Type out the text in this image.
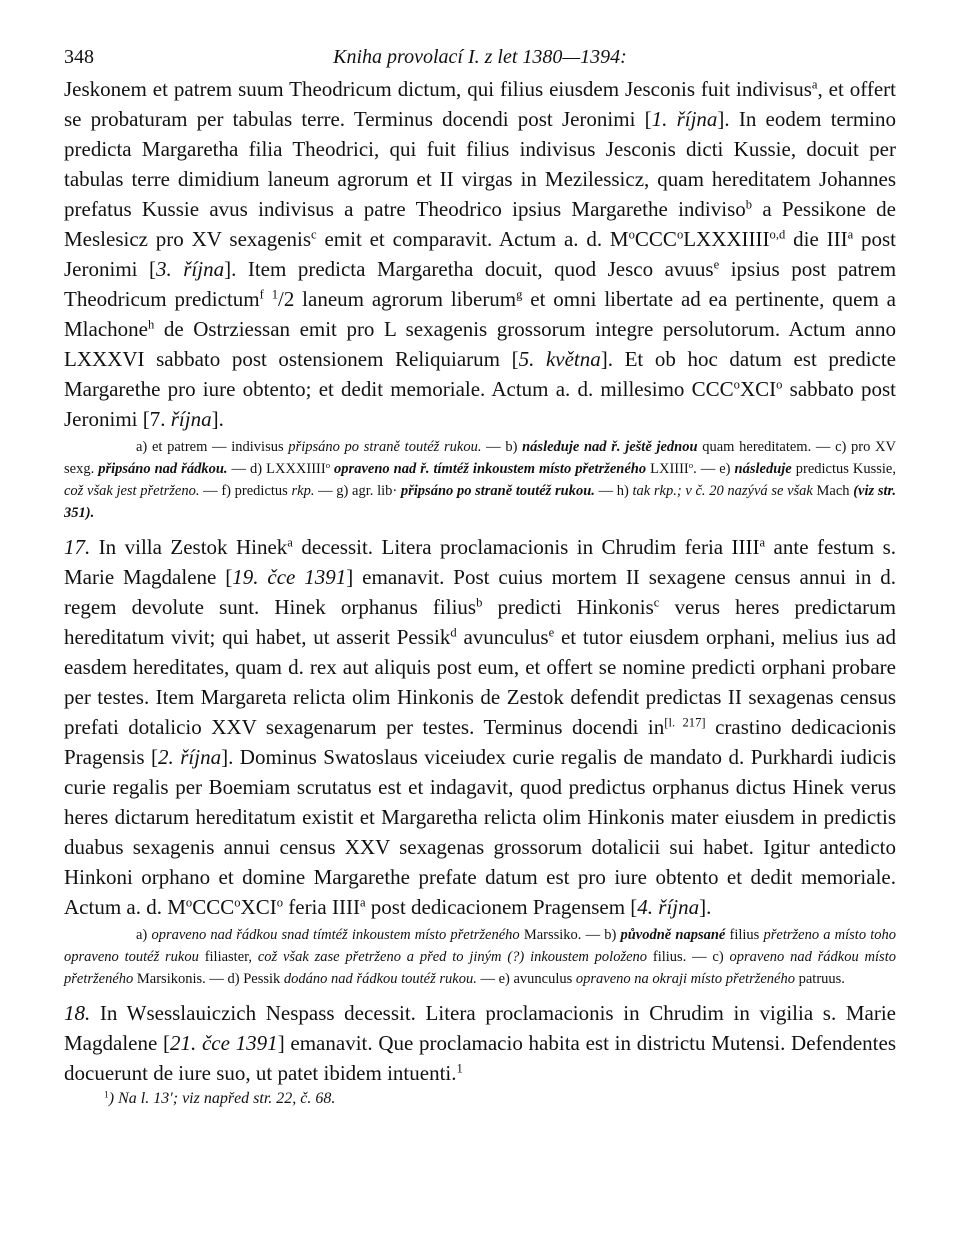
348	Kniha provolací I. z let 1380—1394:

Jeskonem et patrem suum Theodricum dictum, qui filius eiusdem Jesconis fuit indivisus$^a$, et offert se probaturam per tabulas terre. Terminus docendi post Jeronimi [1. října]. In eodem termino predicta Margaretha filia Theodrici, qui fuit filius indivisus Jesconis dicti Kussie, docuit per tabulas terre dimidium laneum agrorum et II virgas in Mezilessicz, quam hereditatem Johannes prefatus Kussie avus indivisus a patre Theodrico ipsius Margarethe indiviso$^b$ a Pessikone de Meslesicz pro XV sexagenis$^c$ emit et comparavit. Actum a. d. $M^oCCC^oLXXXIIII^{o,d}$ die III$^a$ post Jeronimi [3. října]. Item predicta Margaretha docuit, quod Jesco avuus$^e$ ipsius post patrem Theodricum predictum$^f$ $^1$/2 laneum agrorum liberum$^g$ et omni libertate ad ea pertinente, quem a Mlachone$^h$ de Ostrziessan emit pro L sexagenis grossorum integre persolutorum. Actum anno LXXXVI sabbato post ostensionem Reliquiarum [5. května]. Et ob hoc datum est predicte Margarethe pro iure obtento; et dedit memoriale. Actum a. d. millesimo CCC$^o$XCI$^o$ sabbato post Jeronimi [7. října].

a) et patrem — indivisus připsáno po straně toutéž rukou. — b) následuje nad ř. ještě jednou quam hereditatem. — c) pro XV sexg. připsáno nad řádkou. — d) LXXXIIII$^o$ opraveno nad ř. tímtéž inkoustem místo přetrženého LXIIII$^o$. — e) následuje predictus Kussie, což však jest přetrženo. — f) predictus rkp. — g) agr. lib· připsáno po straně toutéž rukou. — h) tak rkp.; v č. 20 nazývá se však Mach (viz str. 351).

17. In villa Zestok Hinek$^a$ decessit. Litera proclamacionis in Chrudim feria IIII$^a$ ante festum s. Marie Magdalene [19. čce 1391] emanavit. Post cuius mortem II sexagene census annui in d. regem devolute sunt. Hinek orphanus filius$^b$ predicti Hinkonis$^c$ verus heres predictarum hereditatum vivit; qui habet, ut asserit Pessik$^d$ avunculus$^e$ et tutor eiusdem orphani, melius ius ad easdem hereditates, quam d. rex aut aliquis post eum, et offert se nomine predicti orphani probare per testes. Item Margareta relicta olim Hinkonis de Zestok defendit predictas II sexagenas census prefati dotalicio XXV sexagenarum per testes. Terminus docendi in[l. 217] crastino dedicacionis Pragensis [2. října]. Dominus Swatoslaus viceiudex curie regalis de mandato d. Purkhardi iudicis curie regalis per Boemiam scrutatus est et indagavit, quod predictus orphanus dictus Hinek verus heres dictarum hereditatum existit et Margaretha relicta olim Hinkonis mater eiusdem in predictis duabus sexagenis annui census XXV sexagenas grossorum dotalicii sui habet. Igitur antedicto Hinkoni orphano et domine Margarethe prefate datum est pro iure obtento et dedit memoriale. Actum a. d. $M^oCCC^oXCI^o$ feria IIII$^a$ post dedicacionem Pragensem [4. října].

a) opraveno nad řádkou snad tímtéž inkoustem místo přetrženého Marssiko. — b) původně napsané filius přetrženo a místo toho opraveno toutéž rukou filiaster, což však zase přetrženo a před to jiným (?) inkoustem položeno filius. — c) opraveno nad řádkou místo přetrženého Marsikonis. — d) Pessik dodáno nad řádkou toutéž rukou. — e) avunculus opraveno na okraji místo přetrženého patruus.

18. In Wsesslauiczich Nespass decessit. Litera proclamacionis in Chrudim in vigilia s. Marie Magdalene [21. čce 1391] emanavit. Que proclamacio habita est in districtu Mutensi. Defendentes docuerunt de iure suo, ut patet ibidem intuenti.$^1$

$^1$) Na l. 13′; viz napřed str. 22, č. 68.
